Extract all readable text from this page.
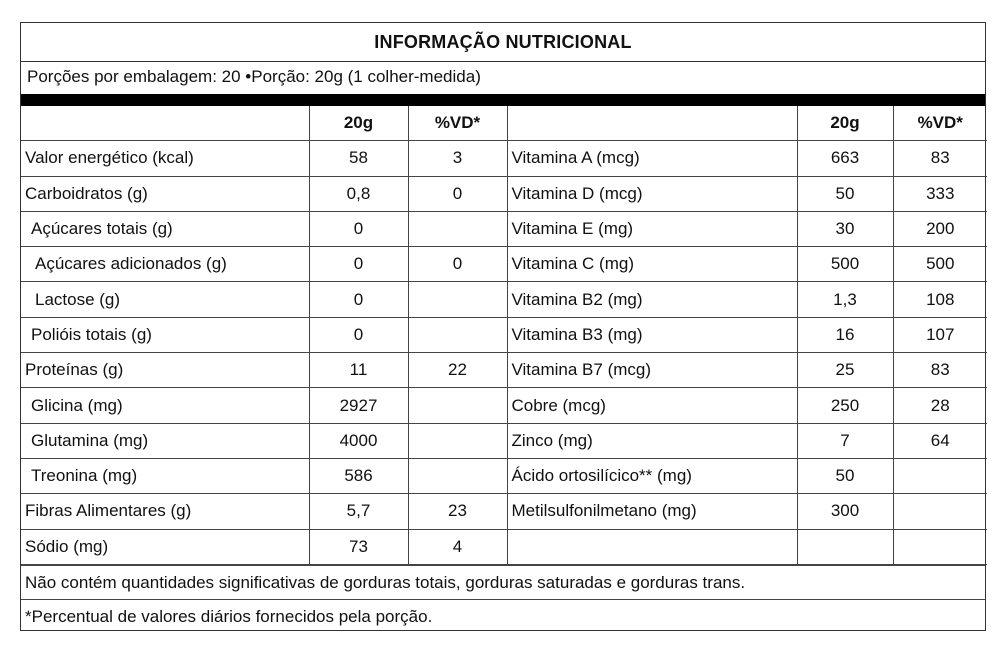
INFORMAÇÃO NUTRICIONAL
Porções por embalagem: 20 •Porção: 20g (1 colher-medida)
	20g	%VD*		20g	%VD*
Valor energético (kcal)	58	3	Vitamina A (mcg)	663	83
Carboidratos (g)	0,8	0	Vitamina D (mcg)	50	333
Açúcares totais (g)	0		Vitamina E (mg)	30	200
Açúcares adicionados (g)	0	0	Vitamina C (mg)	500	500
Lactose (g)	0		Vitamina B2 (mg)	1,3	108
Polióis totais (g)	0		Vitamina B3 (mg)	16	107
Proteínas (g)	11	22	Vitamina B7 (mcg)	25	83
Glicina (mg)	2927		Cobre (mcg)	250	28
Glutamina (mg)	4000		Zinco (mg)	7	64
Treonina (mg)	586		Ácido ortosilícico** (mg)	50	
Fibras Alimentares (g)	5,7	23	Metilsulfonilmetano (mg)	300	
Sódio (mg)	73	4			
Não contém quantidades significativas de gorduras totais, gorduras saturadas e gorduras trans.
*Percentual de valores diários fornecidos pela porção.
